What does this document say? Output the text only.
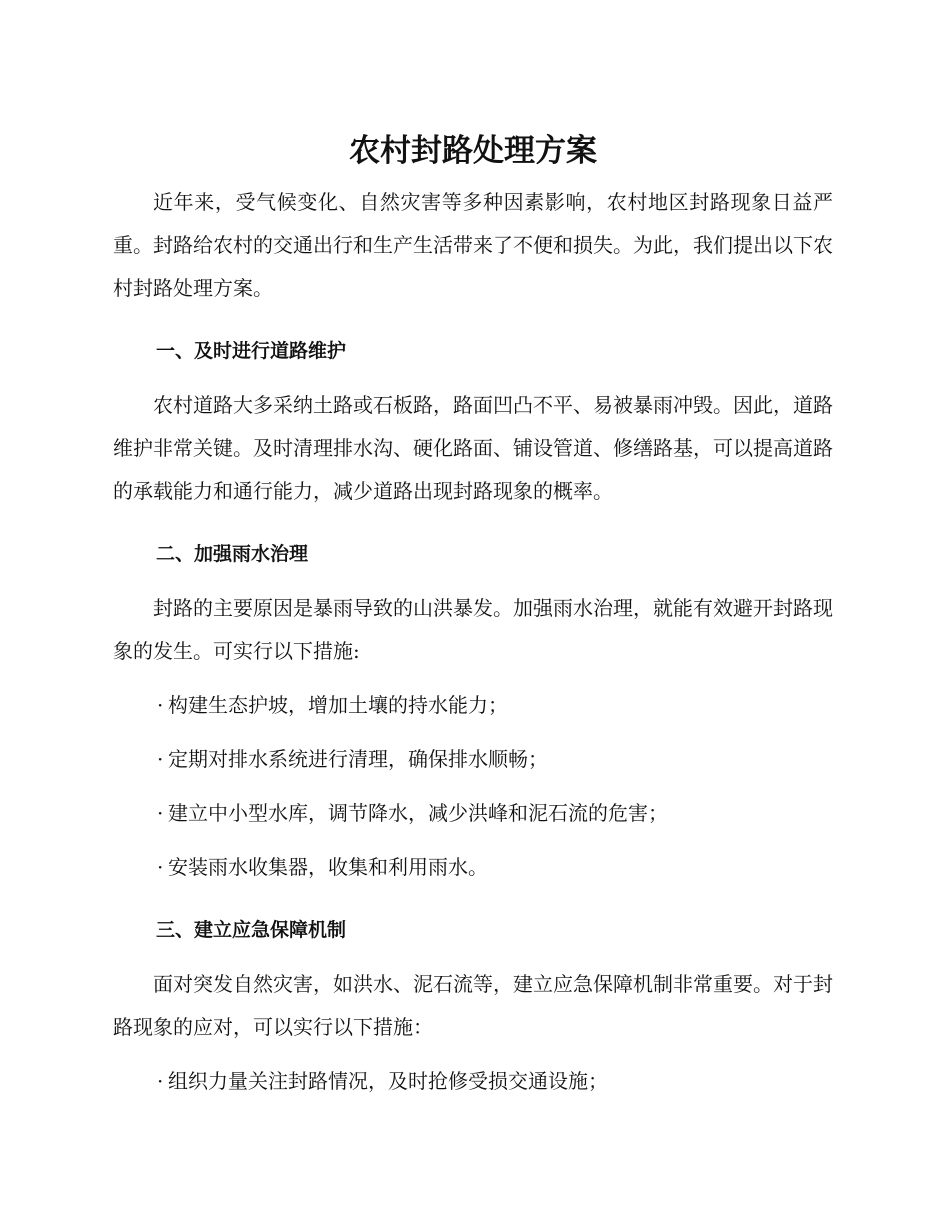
农村封路处理方案

近年来，受气候变化、自然灾害等多种因素影响，农村地区封路现象日益严重。封路给农村的交通出行和生产生活带来了不便和损失。为此，我们提出以下农村封路处理方案。

一、及时进行道路维护

农村道路大多采纳土路或石板路，路面凹凸不平、易被暴雨冲毁。因此，道路维护非常关键。及时清理排水沟、硬化路面、铺设管道、修缮路基，可以提高道路的承载能力和通行能力，减少道路出现封路现象的概率。

二、加强雨水治理

封路的主要原因是暴雨导致的山洪暴发。加强雨水治理，就能有效避开封路现象的发生。可实行以下措施:

· 构建生态护坡，增加土壤的持水能力；
· 定期对排水系统进行清理，确保排水顺畅；
· 建立中小型水库，调节降水，减少洪峰和泥石流的危害；
· 安装雨水收集器，收集和利用雨水。
三、建立应急保障机制

面对突发自然灾害，如洪水、泥石流等，建立应急保障机制非常重要。对于封路现象的应对，可以实行以下措施：

· 组织力量关注封路情况，及时抢修受损交通设施；
